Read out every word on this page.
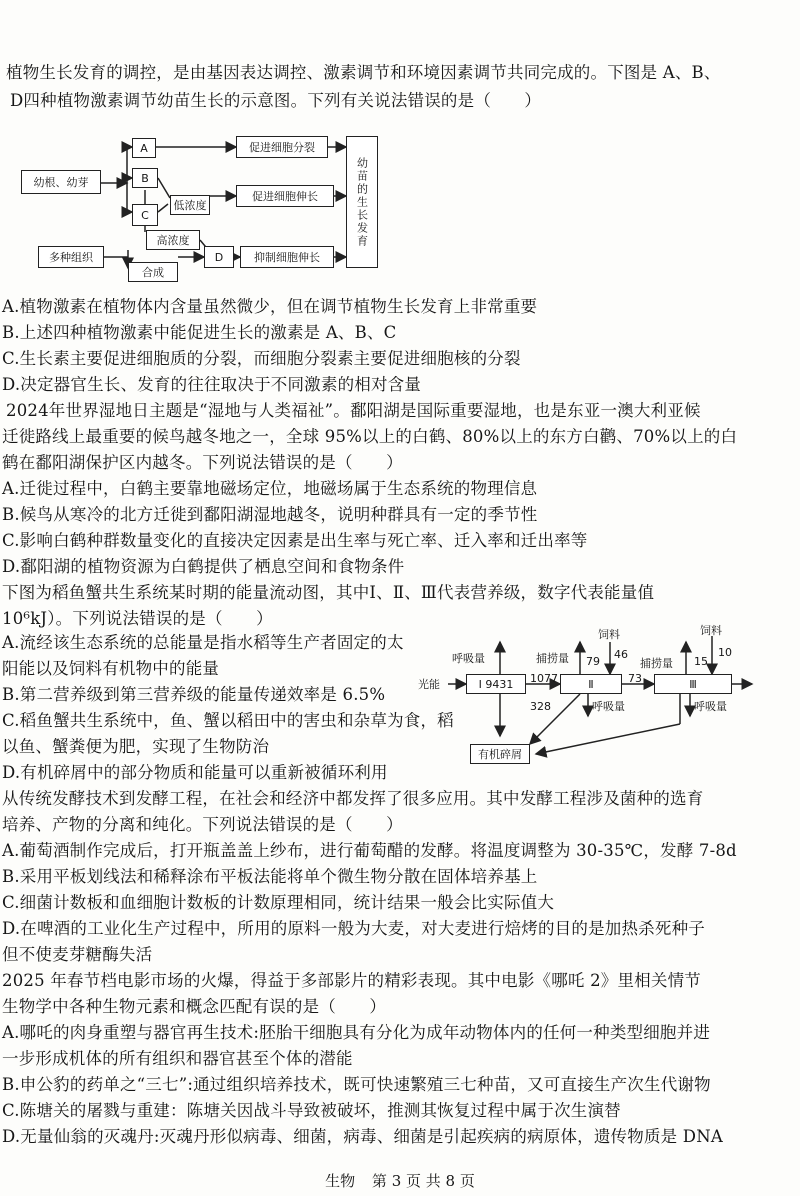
植物生长发育的调控，是由基因表达调控、激素调节和环境因素调节共同完成的。下图是 A、B、
D四种植物激素调节幼苗生长的示意图。下列有关说法错误的是（　　）
幼根、幼芽
多种组织
A
B
C
D
低浓度
高浓度
合成
促进细胞分裂
促进细胞伸长
抑制细胞伸长
幼苗的生长发育
A.植物激素在植物体内含量虽然微少，但在调节植物生长发育上非常重要
B.上述四种植物激素中能促进生长的激素是 A、B、C
C.生长素主要促进细胞质的分裂，而细胞分裂素主要促进细胞核的分裂
D.决定器官生长、发育的往往取决于不同激素的相对含量
2024年世界湿地日主题是“湿地与人类福祉”。鄱阳湖是国际重要湿地，也是东亚一澳大利亚候
迁徙路线上最重要的候鸟越冬地之一，全球 95%以上的白鹤、80%以上的东方白鹳、70%以上的白
鹤在鄱阳湖保护区内越冬。下列说法错误的是（　　）
A.迁徙过程中，白鹤主要靠地磁场定位，地磁场属于生态系统的物理信息
B.候鸟从寒冷的北方迁徙到鄱阳湖湿地越冬，说明种群具有一定的季节性
C.影响白鹤种群数量变化的直接决定因素是出生率与死亡率、迁入率和迁出率等
D.鄱阳湖的植物资源为白鹤提供了栖息空间和食物条件
下图为稻鱼蟹共生系统某时期的能量流动图，其中Ⅰ、Ⅱ、Ⅲ代表营养级，数字代表能量值
10⁶kJ）。下列说法错误的是（　　）
A.流经该生态系统的总能量是指水稻等生产者固定的太
阳能以及饲料有机物中的能量
B.第二营养级到第三营养级的能量传递效率是 6.5%
C.稻鱼蟹共生系统中，鱼、蟹以稻田中的害虫和杂草为食，稻
以鱼、蟹粪便为肥，实现了生物防治
D.有机碎屑中的部分物质和能量可以重新被循环利用
光能	Ⅰ 9431	Ⅱ	Ⅲ
有机碎屑
呼吸量
1077
328
捕捞量 79
饲料
46
呼吸量
73
捕捞量 15
饲料
10
呼吸量
从传统发酵技术到发酵工程，在社会和经济中都发挥了很多应用。其中发酵工程涉及菌种的选育
培养、产物的分离和纯化。下列说法错误的是（　　）
A.葡萄酒制作完成后，打开瓶盖盖上纱布，进行葡萄醋的发酵。将温度调整为 30-35℃，发酵 7-8d
B.采用平板划线法和稀释涂布平板法能将单个微生物分散在固体培养基上
C.细菌计数板和血细胞计数板的计数原理相同，统计结果一般会比实际值大
D.在啤酒的工业化生产过程中，所用的原料一般为大麦，对大麦进行焙烤的目的是加热杀死种子
但不使麦芽糖酶失活
2025 年春节档电影市场的火爆，得益于多部影片的精彩表现。其中电影《哪吒 2》里相关情节
生物学中各种生物元素和概念匹配有误的是（　　）
A.哪吒的肉身重塑与器官再生技术:胚胎干细胞具有分化为成年动物体内的任何一种类型细胞并进
一步形成机体的所有组织和器官甚至个体的潜能
B.申公豹的药单之“三七”:通过组织培养技术，既可快速繁殖三七种苗，又可直接生产次生代谢物
C.陈塘关的屠戮与重建：陈塘关因战斗导致被破坏，推测其恢复过程中属于次生演替
D.无量仙翁的灭魂丹:灭魂丹形似病毒、细菌，病毒、细菌是引起疾病的病原体，遗传物质是 DNA
生物 第 3 页 共 8 页
